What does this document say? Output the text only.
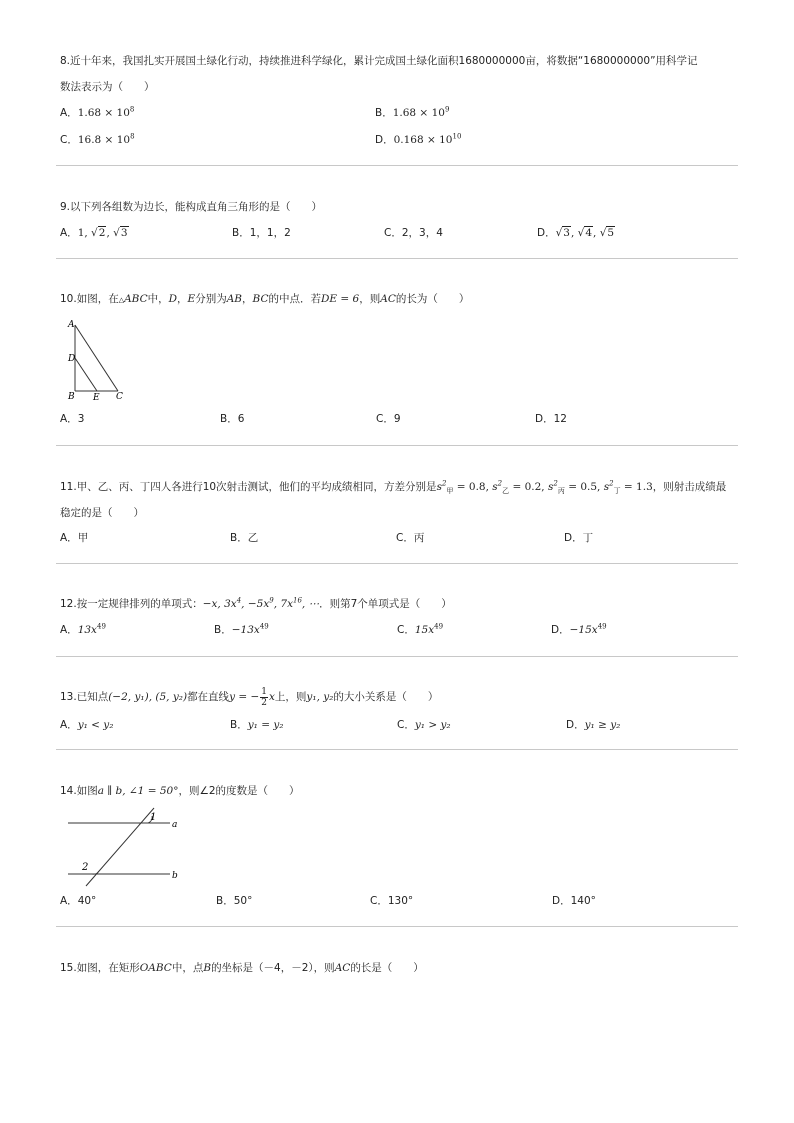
8.近十年来，我国扎实开展国土绿化行动，持续推进科学绿化，累计完成国土绿化面积1680000000亩，将数据“1680000000”用科学记
数法表示为（　　）
A．$1.68 \times 10^8$	B．$1.68 \times 10^9$
C．$16.8 \times 10^8$	D．$0.168 \times 10^{10}$
9.以下列各组数为边长，能构成直角三角形的是（　　）
A．1, √2, √3	B．1，1，2	C．2，3，4	D．√3, √4, √5
10.如图，在△ABC中，D，E分别为AB，BC的中点．若DE = 6，则AC的长为（　　）
A
D
B E C
A．3	B．6	C．9	D．12
11.甲、乙、丙、丁四人各进行10次射击测试，他们的平均成绩相同，方差分别是$s^2_甲 = 0.8$, $s^2_乙 = 0.2$, $s^2_丙 = 0.5$, $s^2_丁 = 1.3$，则射击成绩最
稳定的是（　　）
A．甲	B．乙	C．丙	D．丁
12.按一定规律排列的单项式：−x, $3x^4$, $-5x^9$, $7x^{16}$, ⋯．则第7个单项式是（　　）
A．$13x^{49}$	B．$-13x^{49}$	C．$15x^{49}$	D．$-15x^{49}$
13.已知点(−2, y₁), (5, y₂)都在直线y = − $\frac{1}{2}$ x上，则y₁, y₂的大小关系是（　　）
A．y₁ < y₂	B．y₁ = y₂	C．y₁ > y₂	D．y₁ ≥ y₂
14.如图a ∥ b, ∠1 = 50°，则∠2的度数是（　　）
1
2
a
b
A．40°	B．50°	C．130°	D．140°
15.如图，在矩形OABC中，点B的坐标是（－4，－2），则AC的长是（　　）
